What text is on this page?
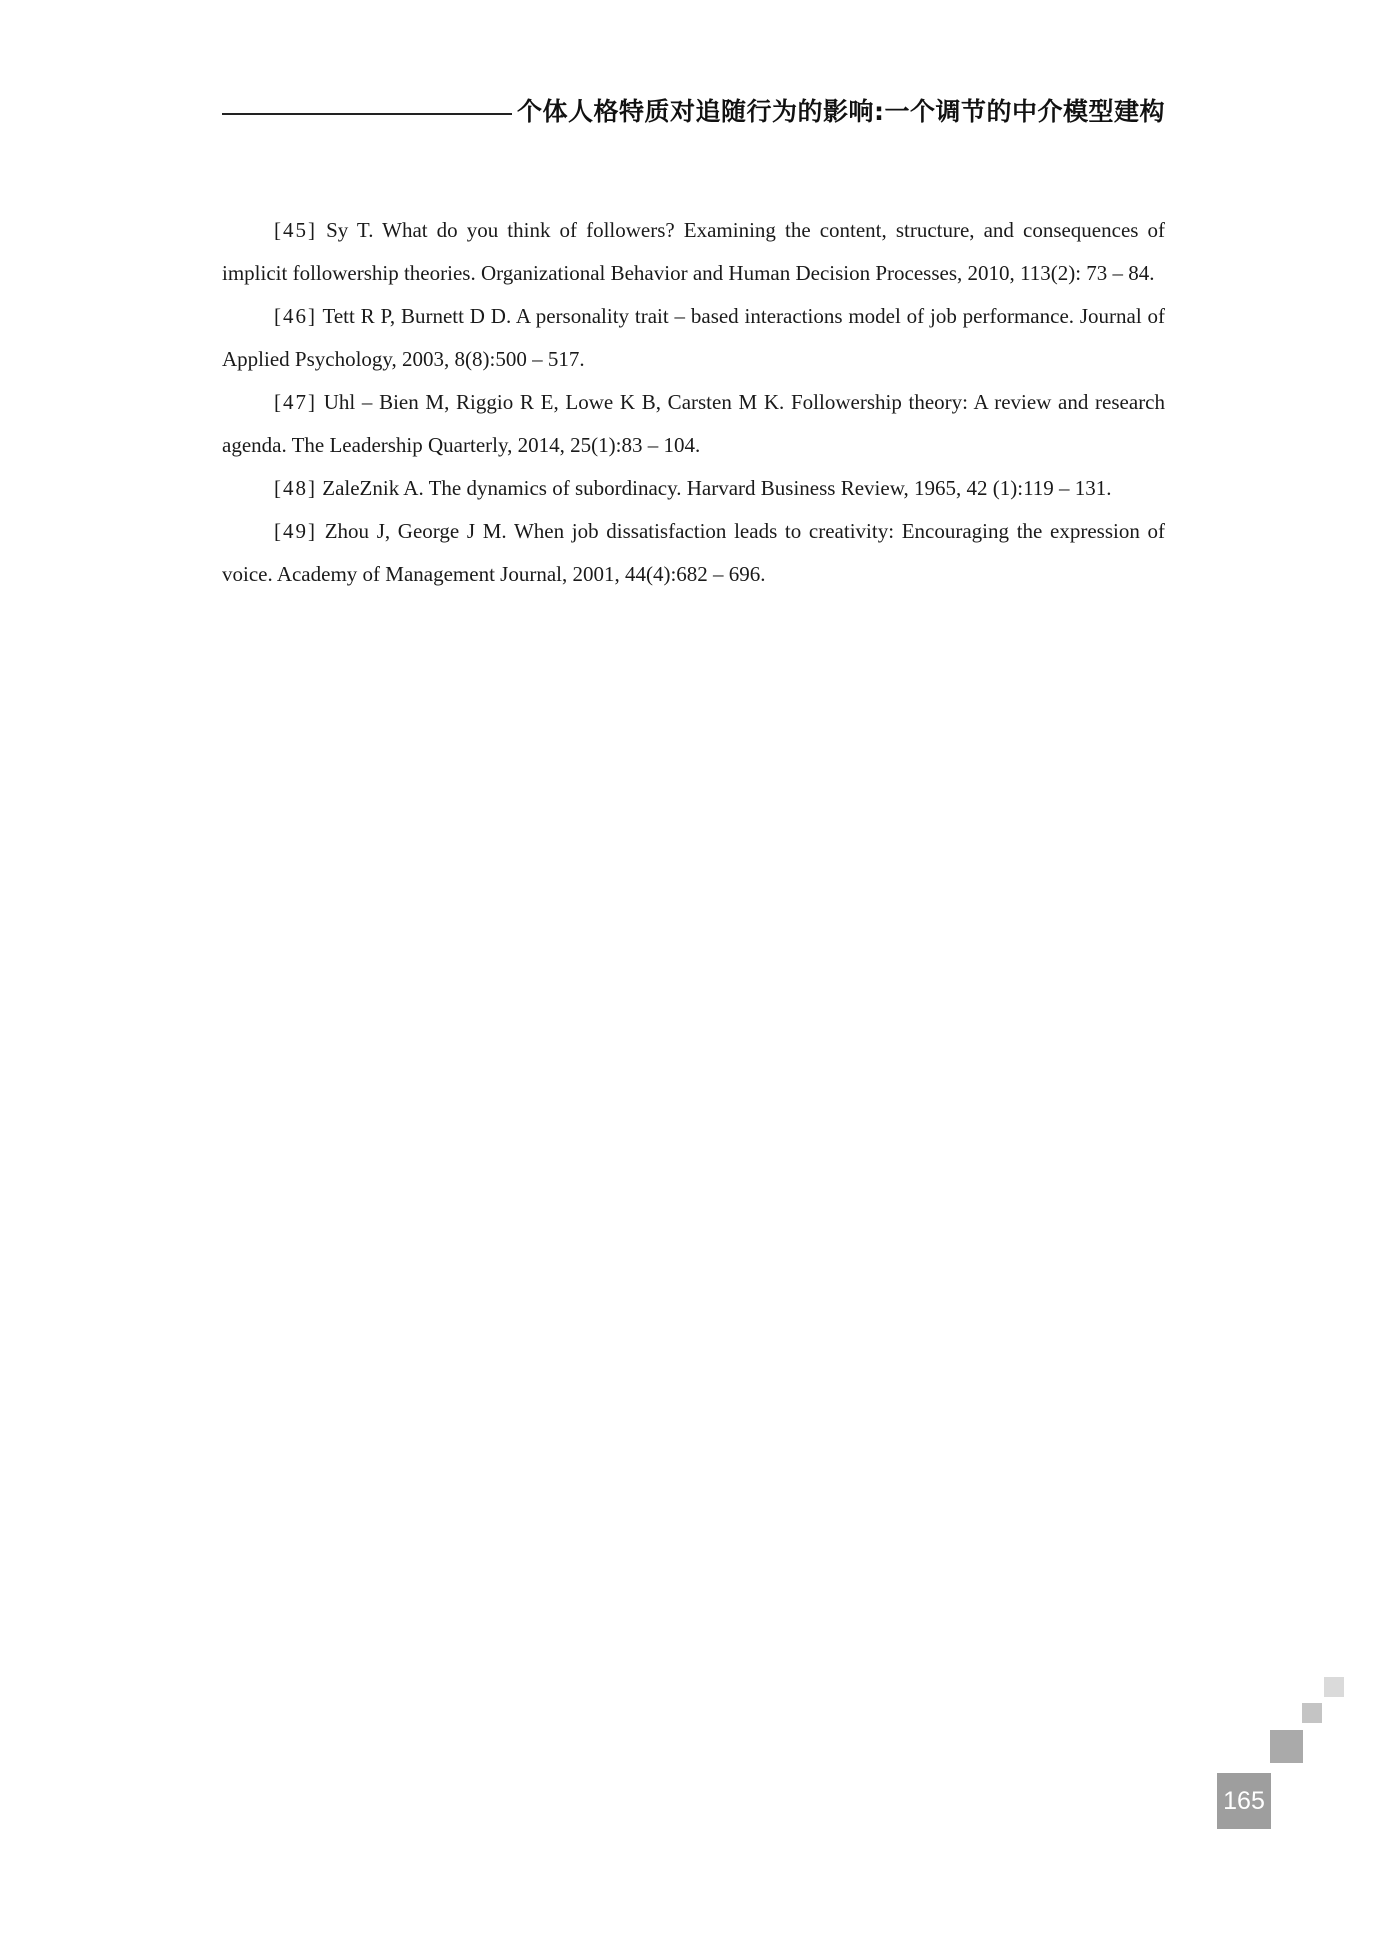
个体人格特质对追随行为的影响:一个调节的中介模型建构

[45] Sy T. What do you think of followers? Examining the content, structure, and consequences of implicit followership theories. Organizational Behavior and Human Decision Processes, 2010, 113(2): 73 – 84.

[46] Tett R P, Burnett D D. A personality trait – based interactions model of job performance. Journal of Applied Psychology, 2003, 8(8):500 – 517.

[47] Uhl – Bien M, Riggio R E, Lowe K B, Carsten M K. Followership theory: A review and research agenda. The Leadership Quarterly, 2014, 25(1):83 – 104.

[48] ZaleZnik A. The dynamics of subordinacy. Harvard Business Review, 1965, 42 (1):119 – 131.

[49] Zhou J, George J M. When job dissatisfaction leads to creativity: Encouraging the expression of voice. Academy of Management Journal, 2001, 44(4):682 – 696.

165
